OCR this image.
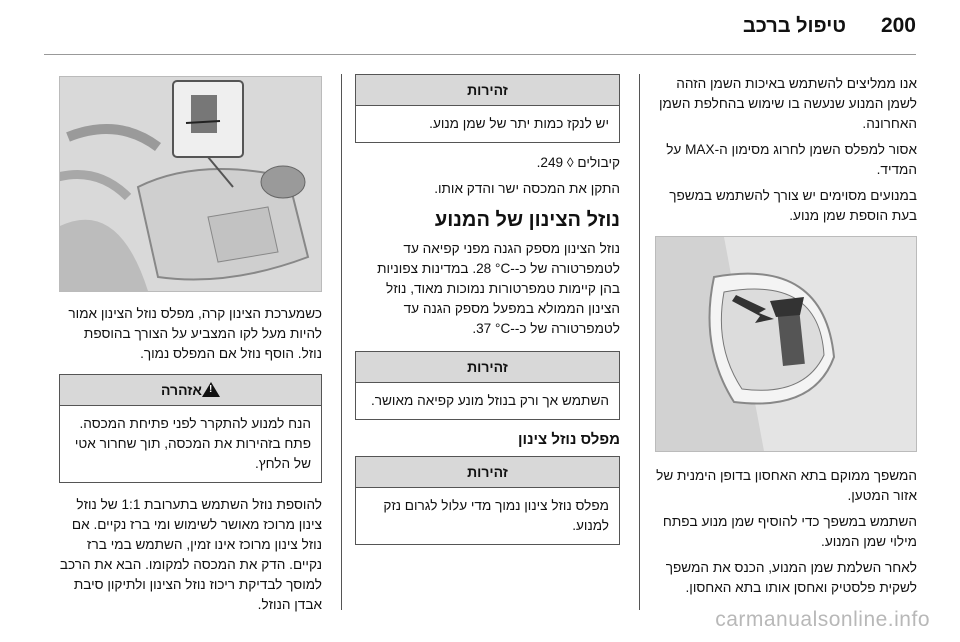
200
טיפול ברכב

אנו ממליצים להשתמש באיכות השמן הזהה לשמן המנוע שנעשה בו שימוש בהחלפת השמן האחרונה.

אסור למפלס השמן לחרוג מסימון ה-MAX על המדיד.

במנועים מסוימים יש צורך להשתמש במשפך בעת הוספת שמן מנוע.

המשפך ממוקם בתא האחסון בדופן הימנית של אזור המטען.

השתמש במשפך כדי להוסיף שמן מנוע בפתח מילוי שמן המנוע.

לאחר השלמת שמן המנוע, הכנס את המשפך לשקית פלסטיק ואחסן אותו בתא האחסון.

זהירות
יש לנקז כמות יתר של שמן מנוע.

קיבולים ◊ 249.

התקן את המכסה ישר והדק אותו.

נוזל הצינון של המנוע

נוזל הצינון מספק הגנה מפני קפיאה עד לטמפרטורה של כ-‎28 °C-‎. במדינות צפוניות בהן קיימות טמפרטורות נמוכות מאוד, נוזל הצינון הממולא במפעל מספק הגנה עד לטמפרטורה של כ-‎37 °C-‎.

זהירות
השתמש אך ורק בנוזל מונע קפיאה מאושר.
מפלס נוזל צינון
זהירות
מפלס נוזל צינון נמוך מדי עלול לגרום נזק למנוע.

כשמערכת הצינון קרה, מפלס נוזל הצינון אמור להיות מעל לקו המצביע על הצורך בהוספת נוזל. הוסף נוזל אם המפלס נמוך.

!אזהרה
הנח למנוע להתקרר לפני פתיחת המכסה. פתח בזהירות את המכסה, תוך שחרור אטי של הלחץ.

להוספת נוזל השתמש בתערובת 1:1 של נוזל צינון מרוכז מאושר לשימוש ומי ברז נקיים. אם נוזל צינון מרוכז אינו זמין, השתמש במי ברז נקיים. הדק את המכסה למקומו. הבא את הרכב למוסך לבדיקת ריכוז נוזל הצינון ולתיקון סיבת אבדן הנוזל.

carmanualsonline.info
